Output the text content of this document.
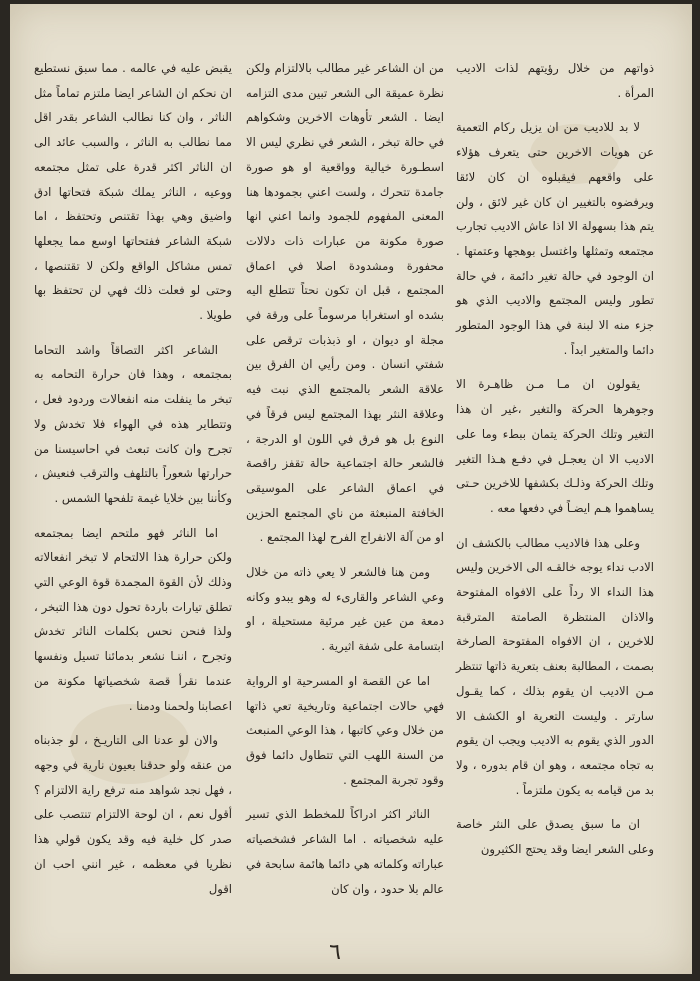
ذواتهم من خلال رؤيتهم لذات الاديب المرأة .

لا بد للاديب من ان يزيل ركام التعمية عن هويات الاخرين حتى يتعرف هؤلاء على واقعهم فيقبلوه ان كان لائقا ويرفضوه بالتغيير ان كان غير لائق ، ولن يتم هذا بسهولة الا اذا عاش الاديب تجارب مجتمعه وتمثلها واغتسل بوهجها وعتمتها . ان الوجود في حالة تغير دائمة ، في حالة تطور وليس المجتمع والاديب الذي هو جزء منه الا لبنة في هذا الوجود المتطور دائما والمتغير ابداً .

يقولون ان مـا مـن ظاهـرة الا وجوهرها الحركة والتغير ،غير ان هذا التغير وتلك الحركة يتمان ببطء وما على الاديب الا ان يعجـل في دفـع هـذا التغير وتلك الحركة وذلـك بكشفها للاخرين حـتى يساهموا هـم ايضـاً في دفعها معه .

وعلى هذا فالاديب مطالب بالكشف ان الادب نداء يوجه خالقـه الى الاخرين وليس هذا النداء الا رداً على الافواه المفتوحة والاذان المنتظرة الصامتة المترقبة للاخرين ، ان الافواه المفتوحة الصارخة بصمت ، المطالبة بعنف بتعرية ذاتها تنتظر مـن الاديب ان يقوم بذلك ، كما يقـول سارتر . وليست التعرية او الكشف الا الدور الذي يقوم به الاديب ويجب ان يقوم به تجاه مجتمعه ، وهو ان قام بدوره ، ولا بد من قيامه به يكون ملتزماً .

ان ما سبق يصدق على النثر خاصة وعلى الشعر ايضا وقد يحتج الكثيرون

من ان الشاعر غير مطالب بالالتزام ولكن نظرة عميقة الى الشعر تبين مدى التزامه ايضا . الشعر تأوهات الاخرين وشكواهم في حالة تبخر ، الشعر في نظري ليس الا اسطـورة خيالية وواقعية او هو صورة جامدة تتحرك ، ولست اعني بجمودها هنا المعنى المفهوم للجمود وانما اعني انها صورة مكونة من عبارات ذات دلالات محفورة ومشدودة اصلا في اعماق المجتمع ، قبل ان تكون نحتاً تتطلع اليه بشده او استغرابا مرسوماً على ورقة في مجلة او ديوان ، او ذبذبات ترقص على شفتي انسان . ومن رأيي ان الفرق بين علاقة الشعر بالمجتمع الذي نبت فيه وعلاقة النثر بهذا المجتمع ليس فرقاً في النوع بل هو فرق في اللون او الدرجة ، فالشعر حالة اجتماعية حالة تقفز راقصة في اعماق الشاعر على الموسيقى الخافتة المنبعثة من ناي المجتمع الحزين او من آلة الانفراج الفرح لهذا المجتمع .

ومن هنا فالشعر لا يعي ذاته من خلال وعي الشاعر والقارىء له وهو يبدو وكانه دمعة من عين غير مرئية مستحيلة ، او ابتسامة على شفة اثيرية .

اما عن القصة او المسرحية او الرواية فهي حالات اجتماعية وتاريخية تعي ذاتها من خلال وعي كاتبها ، هذا الوعي المنبعث من السنة اللهب التي تتطاول دائما فوق وقود تجربة المجتمع .

الناثر اكثر ادراكاً للمخطط الذي تسير عليه شخصياته . اما الشاعر فشخصياته عباراته وكلماته هي دائما هائمة سابحة في عالم بلا حدود ، وان كان

يقبض عليه في عالمه . مما سبق نستطيع ان نحكم ان الشاعر ايضا ملتزم تماماً مثل الناثر ، وان كنا نطالب الشاعر بقدر اقل مما نطالب به الناثر ، والسبب عائد الى ان الناثر اكثر قدرة على تمثل مجتمعه ووعيه ، الناثر يملك شبكة فتحاتها ادق واضيق وهي بهذا تقتنص وتحتفظ ، اما شبكة الشاعر ففتحاتها اوسع مما يجعلها تمس مشاكل الواقع ولكن لا تقتنصها ، وحتى لو فعلت ذلك فهي لن تحتفظ بها طويلا .

الشاعر اكثر التصاقاً واشد التحاما بمجتمعه ، وهذا فان حرارة التحامه به تبخر ما ينفلت منه انفعالات وردود فعل ، وتتطاير هذه في الهواء فلا تخدش ولا تجرح وان كانت تبعث في احاسيسنا من حرارتها شعوراً بالتلهف والترقب فنعيش ، وكأننا بين خلايا غيمة تلفحها الشمس .

اما الناثر فهو ملتحم ايضا بمجتمعه ولكن حرارة هذا الالتحام لا تبخر انفعالاته وذلك لأن القوة المجمدة قوة الوعي التي تطلق تيارات باردة تحول دون هذا التبخر ، ولذا فنحن نحس بكلمات الناثر تخدش وتجرح ، اننـا نشعر بدمائنا تسيل ونفسها عندما نقرأ قصة شخصياتها مكونة من اعصابنا ولحمنا ودمنا .

والان لو عدنا الى التاريـخ ، لو جذبناه من عنقه ولو حدقنا بعيون نارية في وجهه ، فهل نجد شواهد منه ترفع راية الالتزام ؟ أقول نعم ، ان لوحة الالتزام تنتصب على صدر كل خلية فيه وقد يكون قولي هذا نظريا في معظمه ، غير انني احب ان اقول

٦
